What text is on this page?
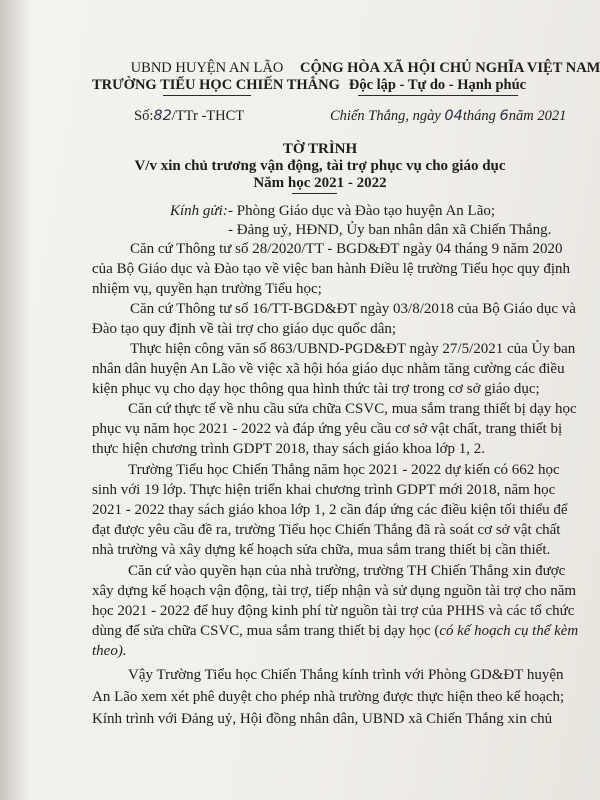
UBND HUYỆN AN LÃO
TRƯỜNG TIỂU HỌC CHIẾN THẮNG
CỘNG HÒA XÃ HỘI CHỦ NGHĨA VIỆT NAM
Độc lập - Tự do - Hạnh phúc
Số:82/TTr -THCT	Chiến Thắng, ngày 04tháng 6năm 2021
TỜ TRÌNH
V/v xin chủ trương vận động, tài trợ phục vụ cho giáo dục
Năm học 2021 - 2022
Kính gửi: - Phòng Giáo dục và Đào tạo huyện An Lão;
- Đảng uỷ, HĐND, Ủy ban nhân dân xã Chiến Thắng.
Căn cứ Thông tư số 28/2020/TT - BGD&ĐT ngày 04 tháng 9 năm 2020
của Bộ Giáo dục và Đào tạo về việc ban hành Điều lệ trường Tiểu học quy định
nhiệm vụ, quyền hạn trường Tiểu học;
Căn cứ Thông tư số 16/TT-BGD&ĐT ngày 03/8/2018 của Bộ Giáo dục và
Đào tạo quy định về tài trợ cho giáo dục quốc dân;
Thực hiện công văn số 863/UBND-PGD&ĐT ngày 27/5/2021 của Ủy ban
nhân dân huyện An Lão về việc xã hội hóa giáo dục nhằm tăng cường các điều
kiện phục vụ cho dạy học thông qua hình thức tài trợ trong cơ sở giáo dục;
Căn cứ thực tế về nhu cầu sửa chữa CSVC, mua sắm trang thiết bị dạy học
phục vụ năm học 2021 - 2022 và đáp ứng yêu cầu cơ sở vật chất, trang thiết bị
thực hiện chương trình GDPT 2018, thay sách giáo khoa lớp 1, 2.
Trường Tiểu học Chiến Thắng năm học 2021 - 2022 dự kiến có 662 học
sinh với 19 lớp. Thực hiện triển khai chương trình GDPT mới 2018, năm học
2021 - 2022 thay sách giáo khoa lớp 1, 2 cần đáp ứng các điều kiện tối thiểu để
đạt được yêu cầu đề ra, trường Tiểu học Chiến Thắng đã rà soát cơ sở vật chất
nhà trường và xây dựng kế hoạch sửa chữa, mua sắm trang thiết bị cần thiết.
Căn cứ vào quyền hạn của nhà trường, trường TH Chiến Thắng xin được
xây dựng kế hoạch vận động, tài trợ, tiếp nhận và sử dụng nguồn tài trợ cho năm
học 2021 - 2022 để huy động kinh phí từ nguồn tài trợ của PHHS và các tổ chức
dùng để sửa chữa CSVC, mua sắm trang thiết bị dạy học (có kế hoạch cụ thể kèm
theo).
Vậy Trường Tiểu học Chiến Thắng kính trình với Phòng GD&ĐT huyện
An Lão xem xét phê duyệt cho phép nhà trường được thực hiện theo kế hoạch;
Kính trình với Đảng uỷ, Hội đồng nhân dân, UBND xã Chiến Thắng xin chủ
